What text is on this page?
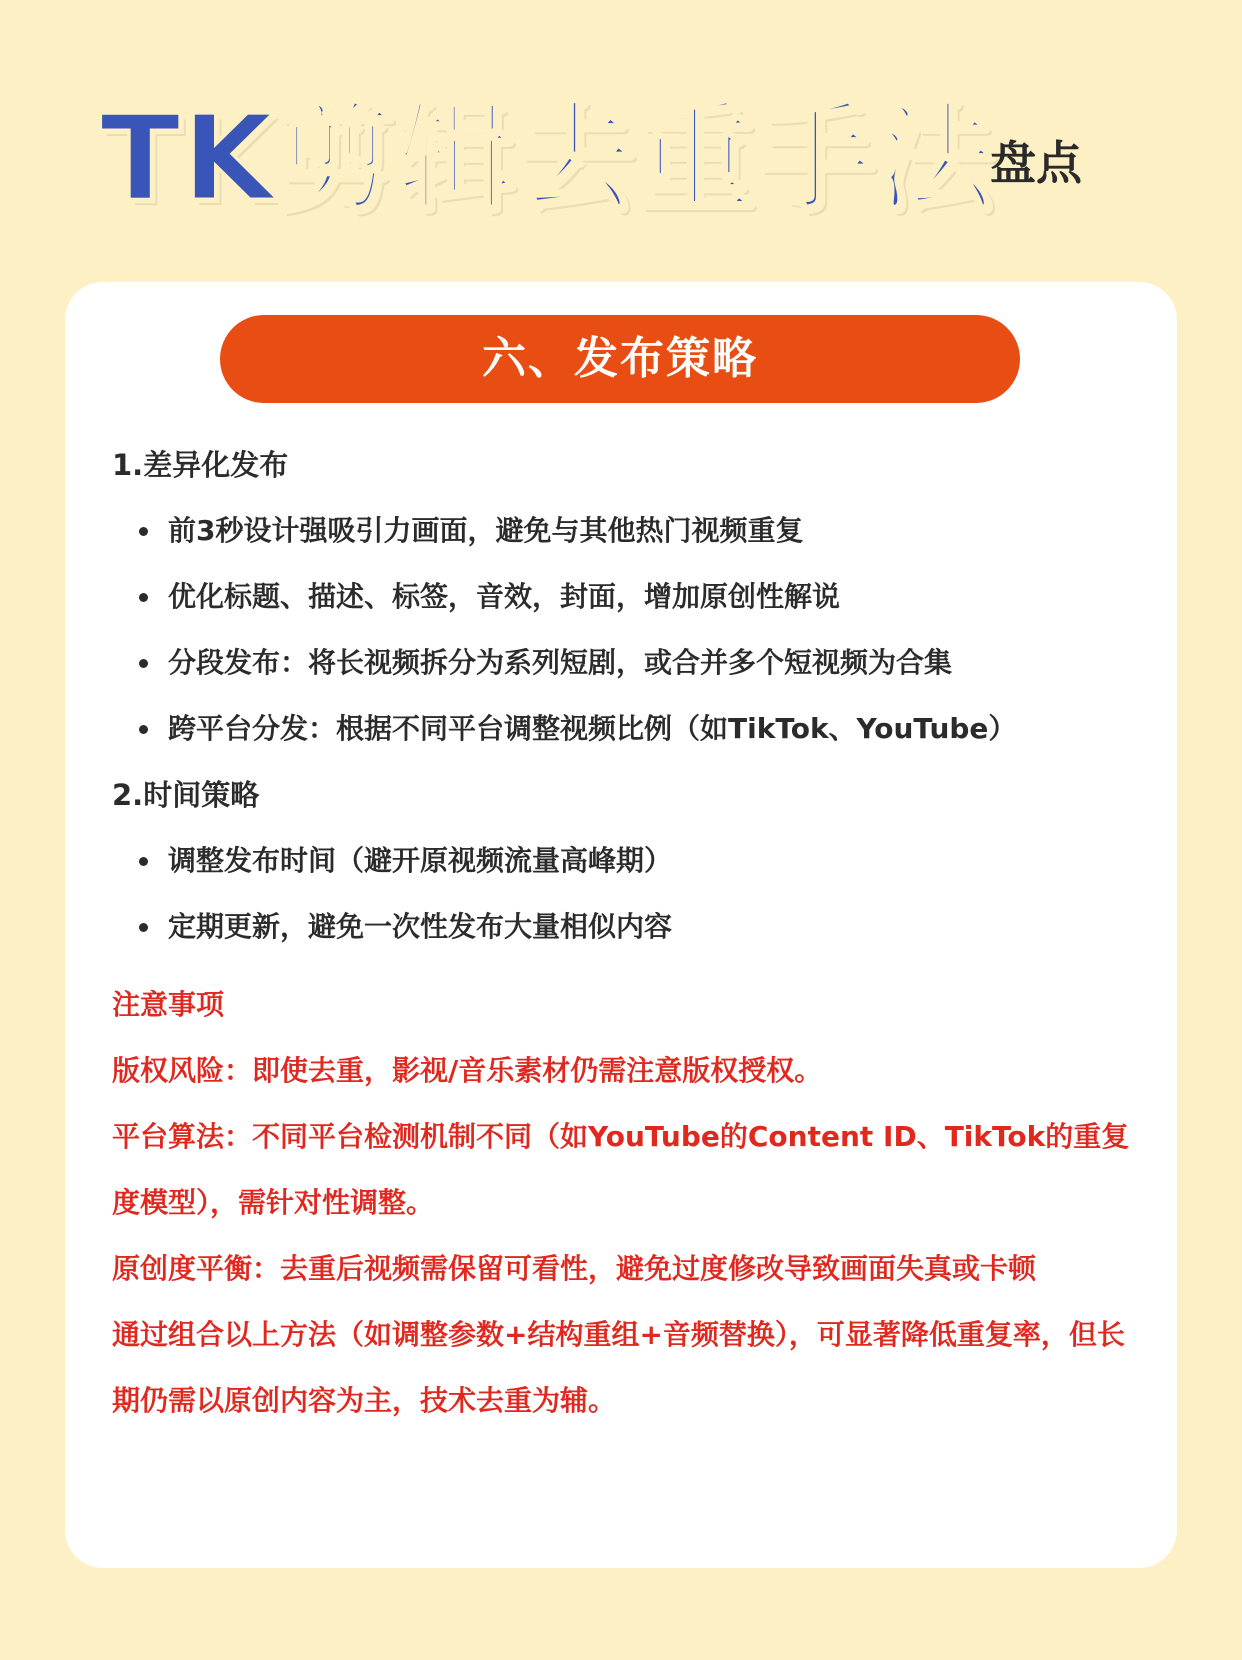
TK剪辑去重手法
盘点
六、发布策略
1.差异化发布
前3秒设计强吸引力画面，避免与其他热门视频重复
优化标题、描述、标签，音效，封面，增加原创性解说
分段发布：将长视频拆分为系列短剧，或合并多个短视频为合集
跨平台分发：根据不同平台调整视频比例（如TikTok、YouTube）
2.时间策略
调整发布时间（避开原视频流量高峰期）
定期更新，避免一次性发布大量相似内容
注意事项

版权风险：即使去重，影视/音乐素材仍需注意版权授权。

平台算法：不同平台检测机制不同（如YouTube的Content ID、TikTok的重复度模型），需针对性调整。

原创度平衡：去重后视频需保留可看性，避免过度修改导致画面失真或卡顿

通过组合以上方法（如调整参数+结构重组+音频替换），可显著降低重复率，但长期仍需以原创内容为主，技术去重为辅。
